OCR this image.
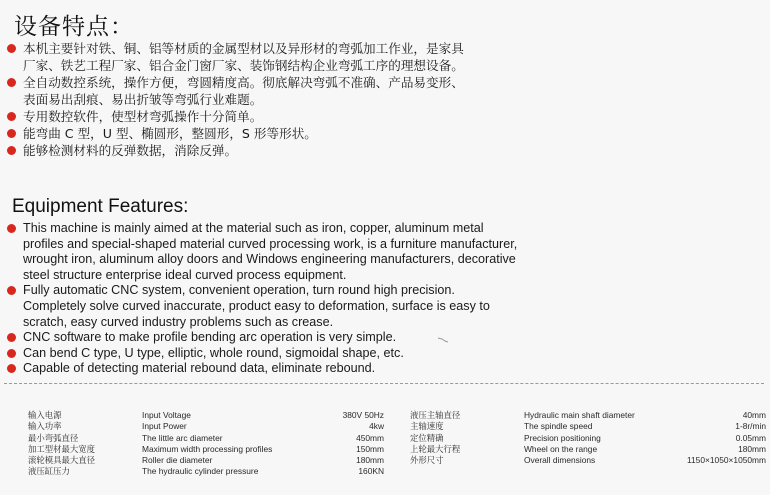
设备特点：
本机主要针对铁、铜、铝等材质的金属型材以及异形材的弯弧加工作业，是家具
厂家、铁艺工程厂家、铝合金门窗厂家、装饰钢结构企业弯弧工序的理想设备。
全自动数控系统，操作方便，弯圆精度高。彻底解决弯弧不准确、产品易变形、
表面易出刮痕、易出折皱等弯弧行业难题。
专用数控软件，使型材弯弧操作十分简单。
能弯曲 C 型，U 型、椭圆形，整圆形，S 形等形状。
能够检测材料的反弹数据，消除反弹。
Equipment Features:
This machine is mainly aimed at the material such as iron, copper, aluminum metal
profiles and special-shaped material curved processing work, is a furniture manufacturer,
wrought iron, aluminum alloy doors and Windows engineering manufacturers, decorative
steel structure enterprise ideal curved process equipment.
Fully automatic CNC system, convenient operation, turn round high precision.
Completely solve curved inaccurate, product easy to deformation, surface is easy to
scratch, easy curved industry problems such as crease.
CNC software to make profile bending arc operation is very simple.
Can bend C type, U type, elliptic, whole round, sigmoidal shape, etc.
Capable of detecting material rebound data, eliminate rebound.
输入电源
输入功率
最小弯弧直径
加工型材最大宽度
滚轮模具最大直径
液压缸压力
Input Voltage
Input Power
The little arc diameter
Maximum width processing profiles
Roller die diameter
The hydraulic cylinder pressure
380V 50Hz
4kw
450mm
150mm
180mm
160KN
液压主轴直径
主轴速度
定位精确
上轮最大行程
外形尺寸
Hydraulic main shaft diameter
The spindle speed
Precision positioning
Wheel on the range
Overall dimensions
40mm
1-8r/min
0.05mm
180mm
1150×1050×1050mm
